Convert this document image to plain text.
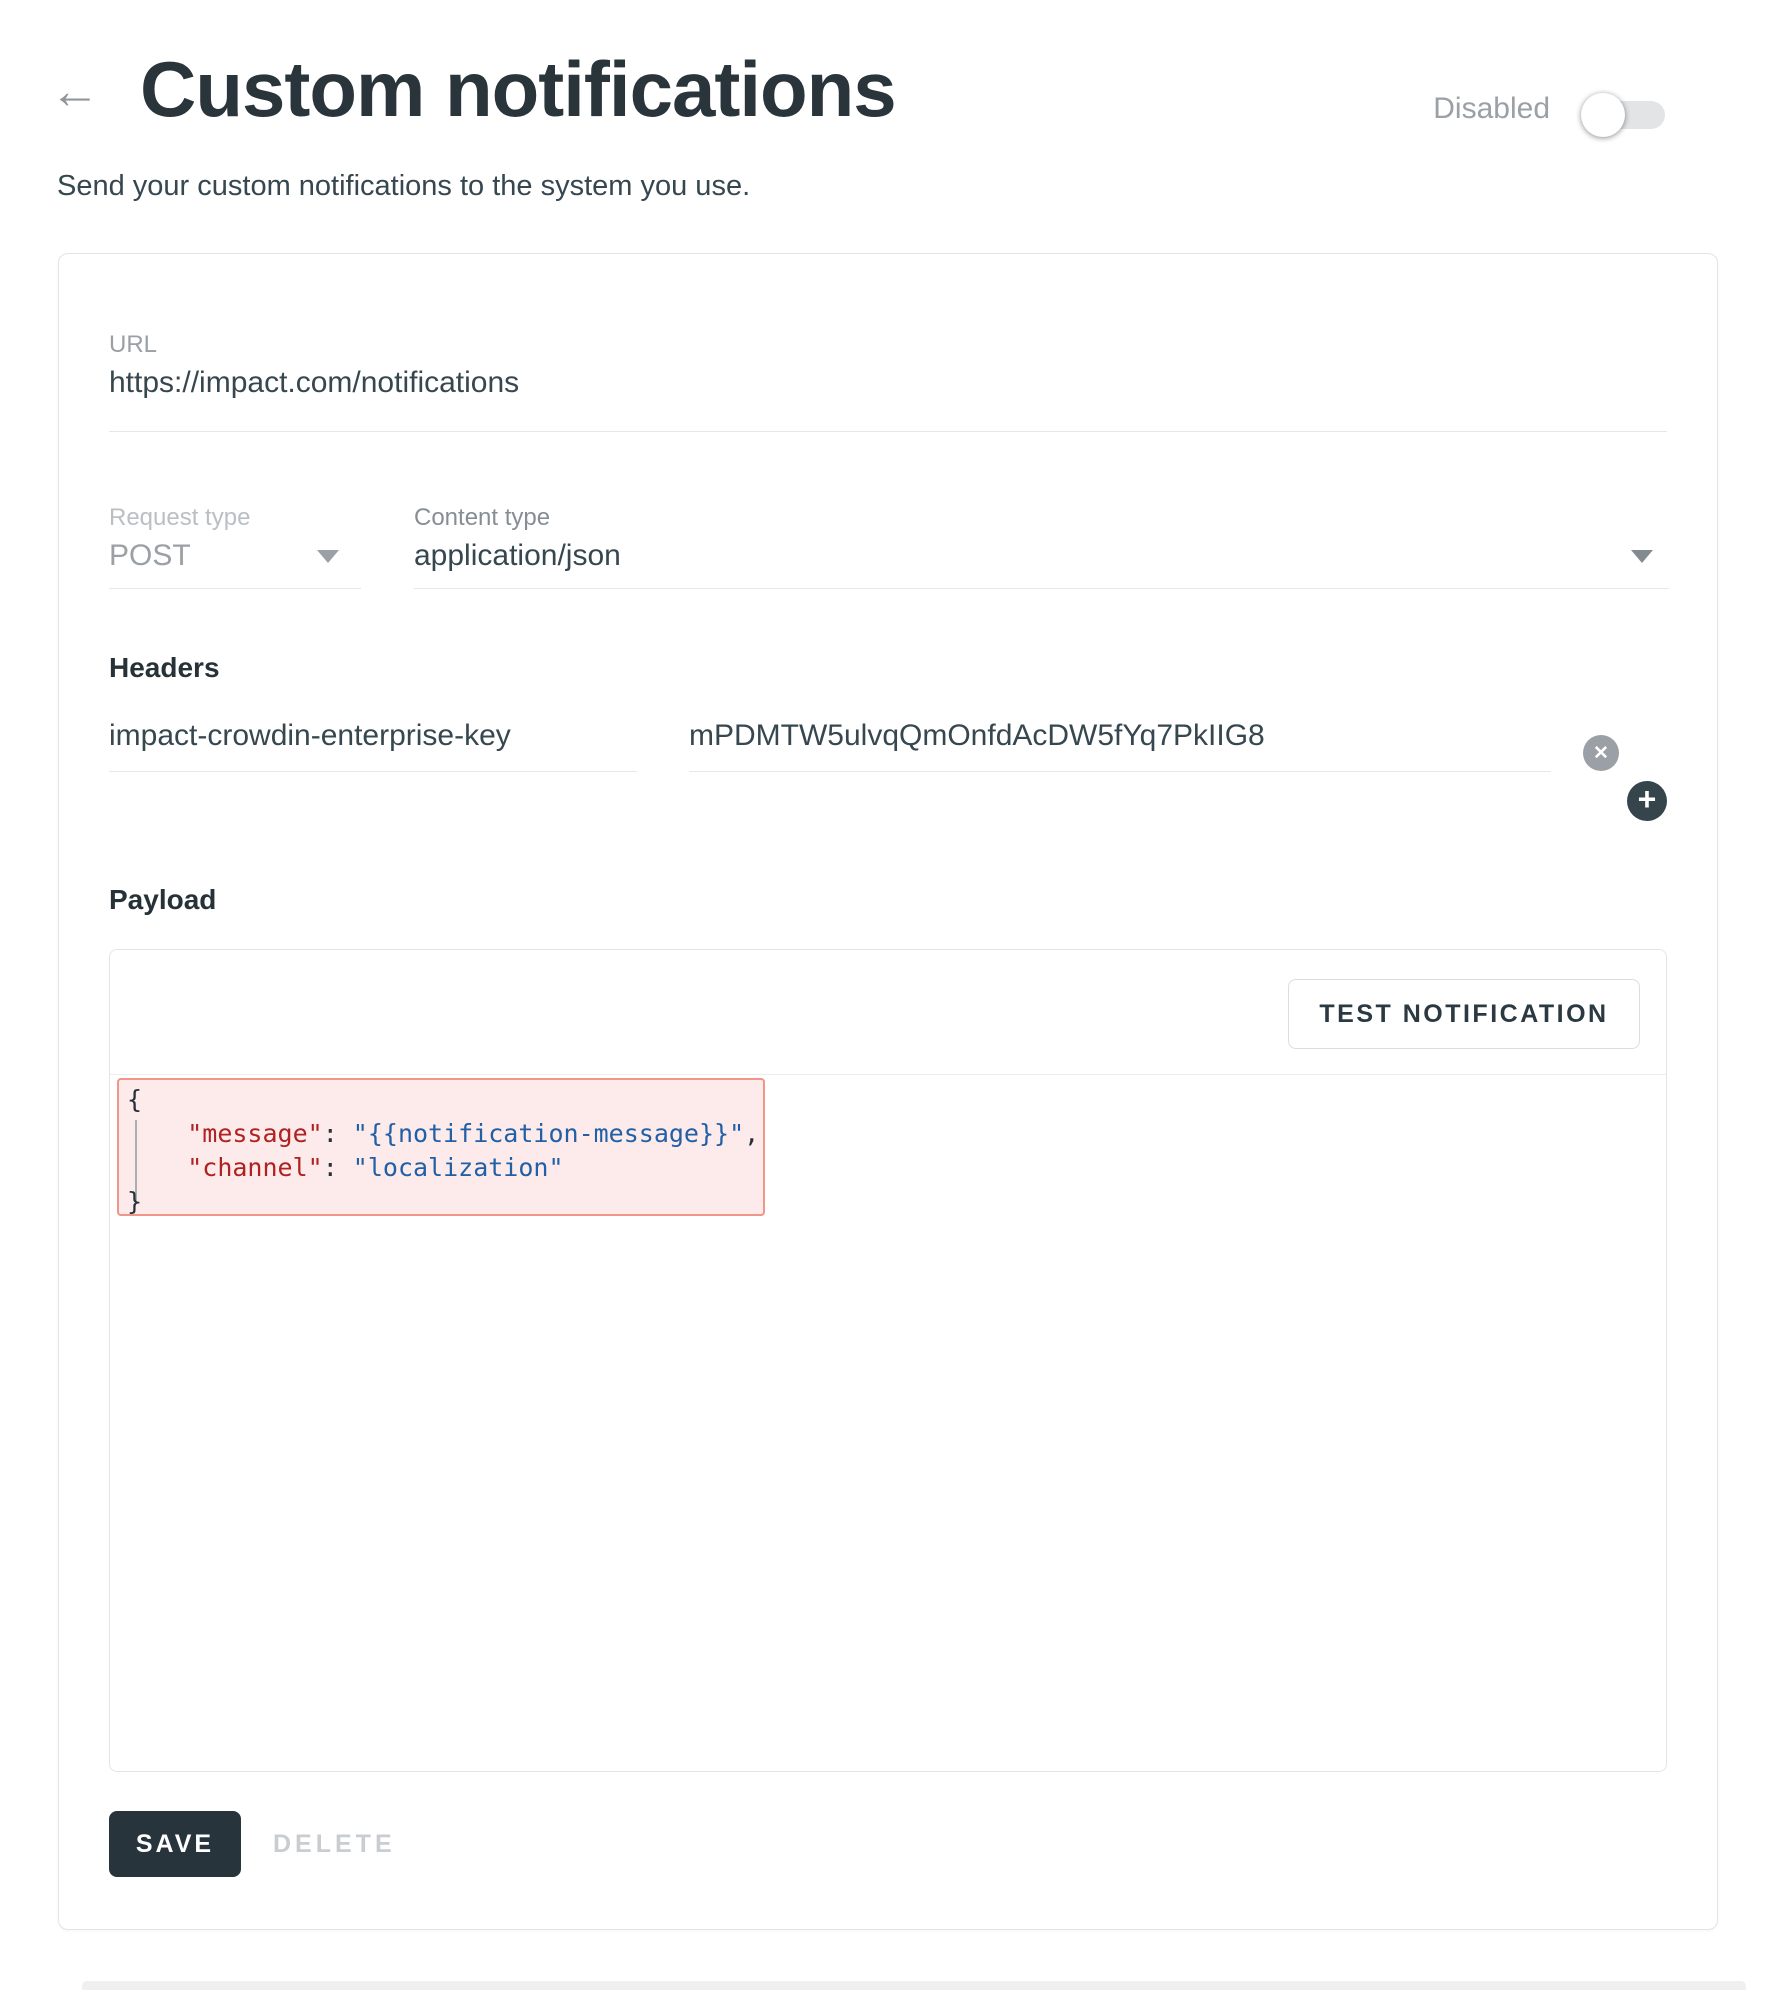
← Custom notifications
Send your custom notifications to the system you use.
Disabled
URL
https://impact.com/notifications
Request type
POST
Content type
application/json
Headers
impact-crowdin-enterprise-key	mPDMTW5ulvqQmOnfdAcDW5fYq7PkIIG8
✕
+
Payload
TEST NOTIFICATION
{
"message": "{{notification-message}}",
"channel": "localization"
}
SAVE	DELETE
